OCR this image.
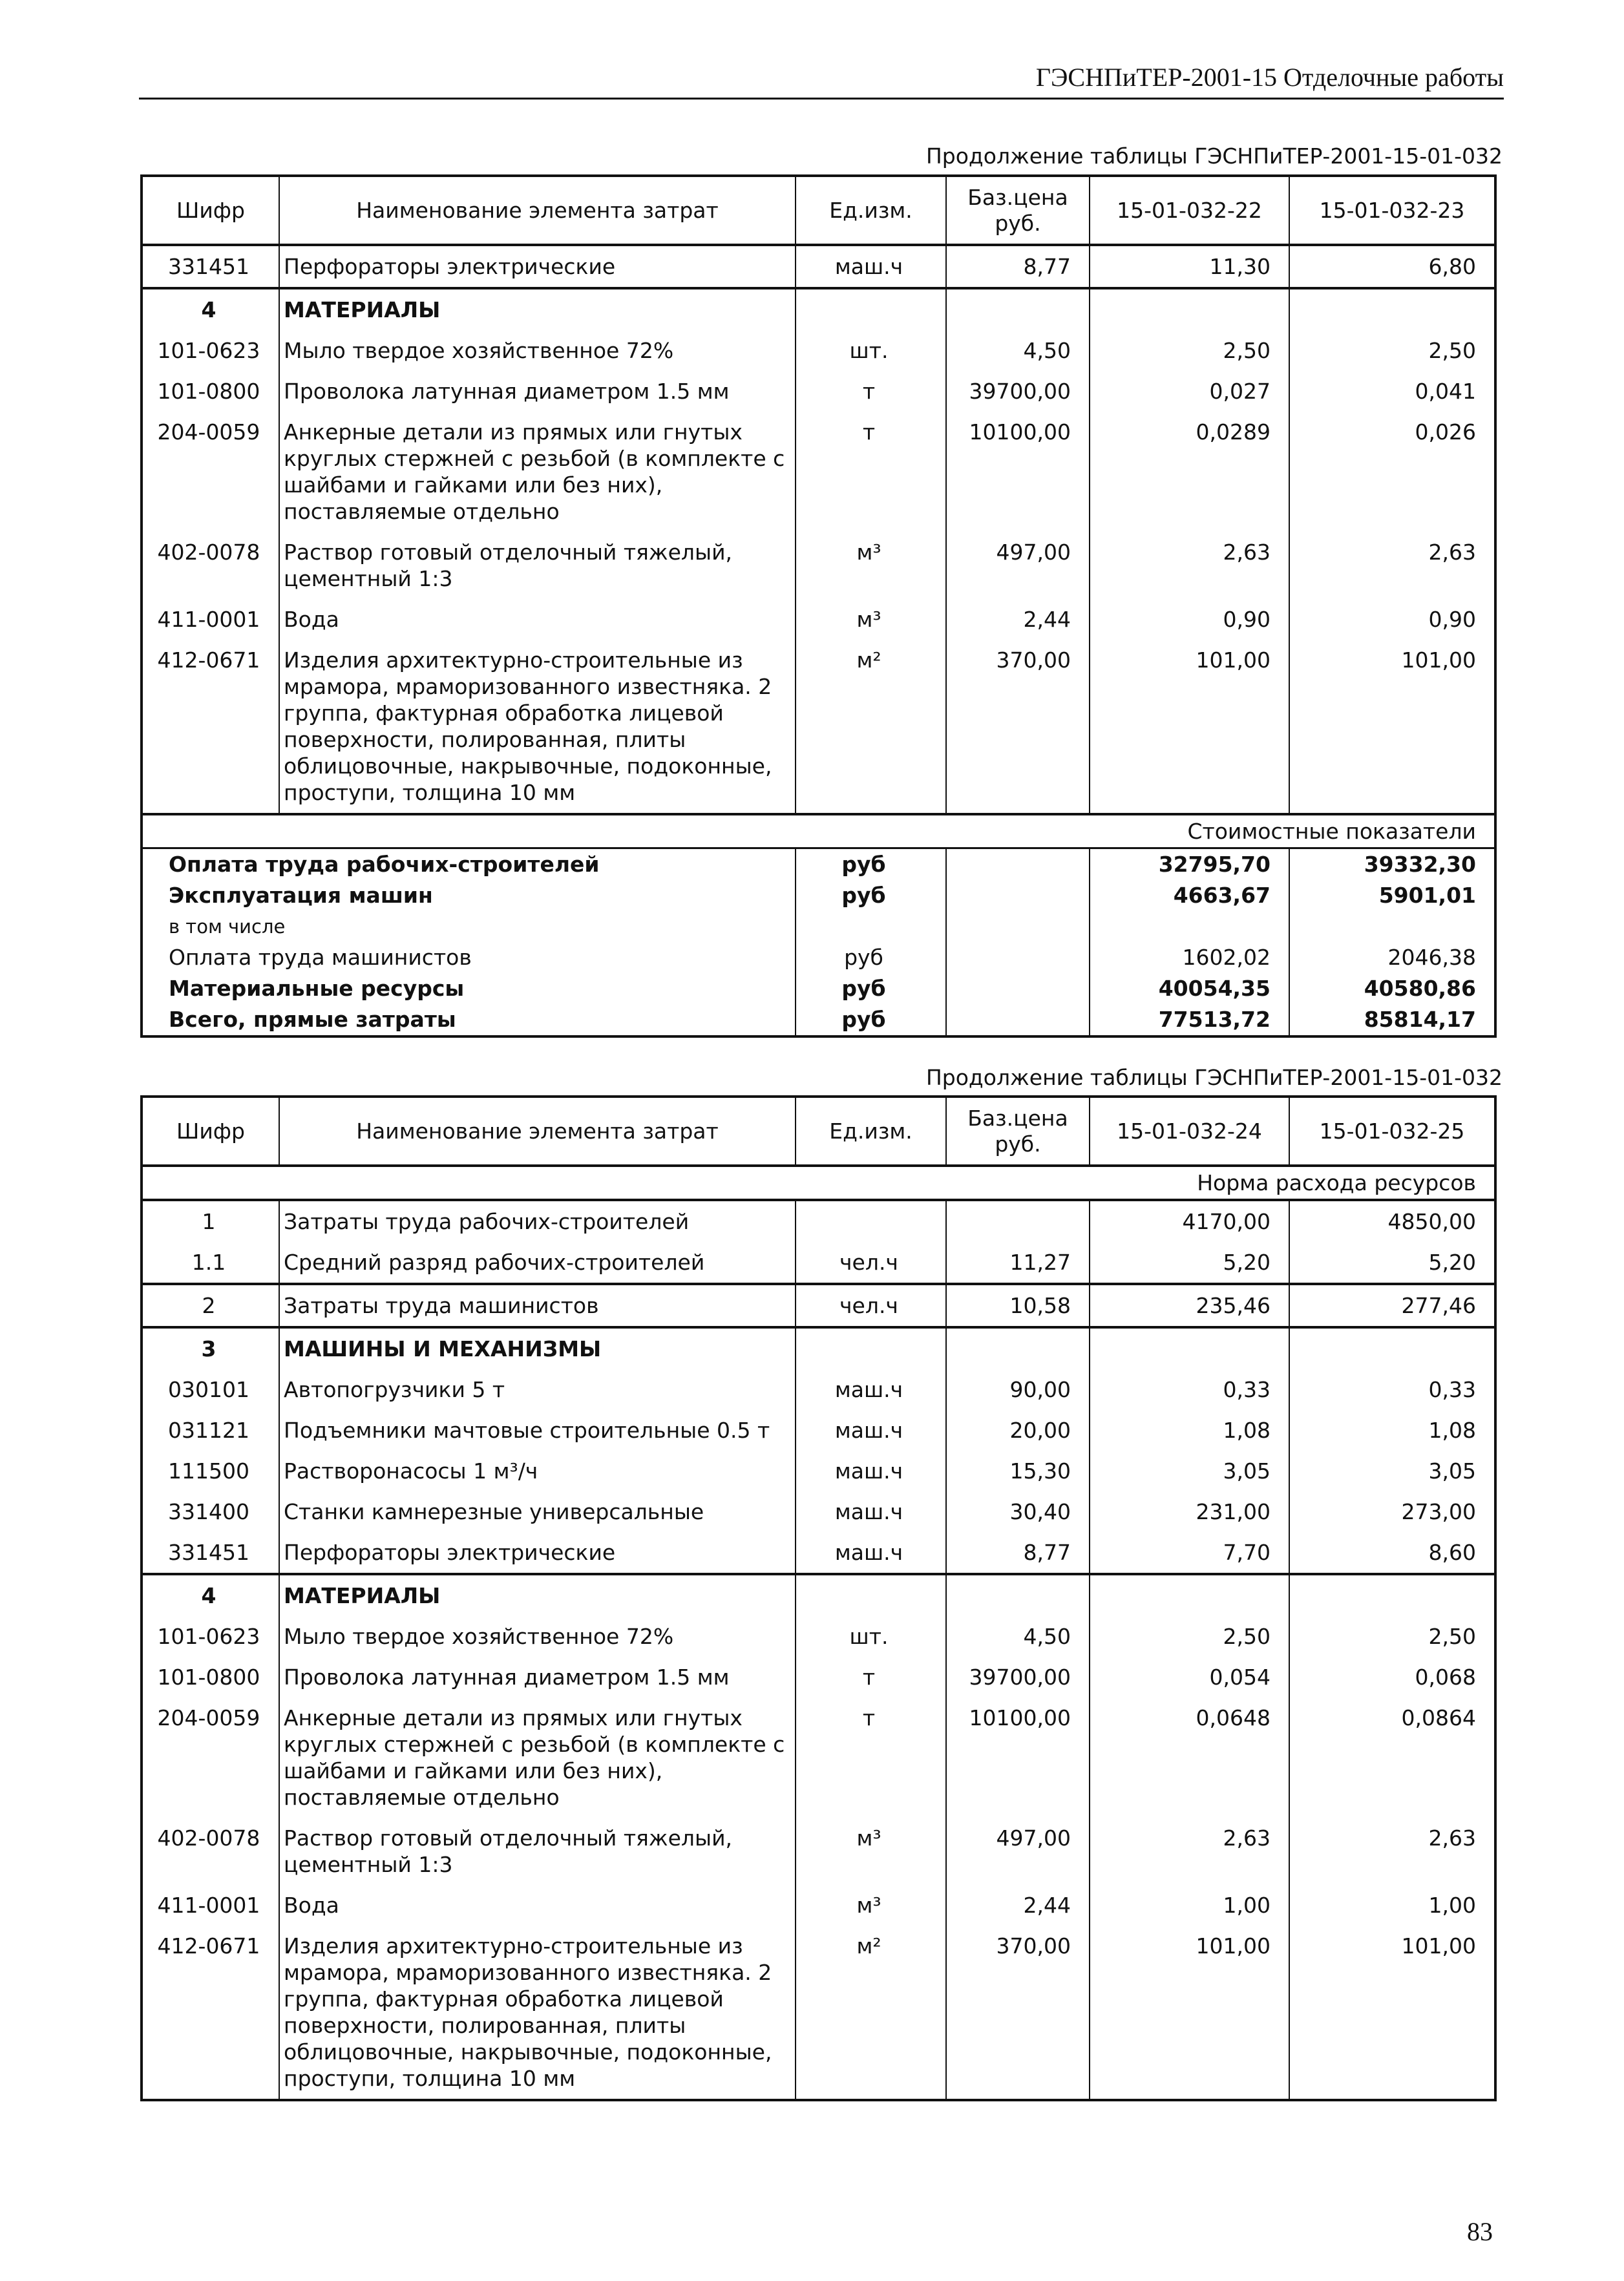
ГЭСНПиТЕР-2001-15 Отделочные работы
Продолжение таблицы ГЭСНПиТЕР-2001-15-01-032
Шифр	Наименование элемента затрат	Ед.изм.	Баз.цена руб.	15-01-032-22	15-01-032-23
331451	Перфораторы электрические	маш.ч	8,77	11,30	6,80
4	МАТЕРИАЛЫ				
101-0623	Мыло твердое хозяйственное 72%	шт.	4,50	2,50	2,50
101-0800	Проволока латунная диаметром 1.5 мм	т	39700,00	0,027	0,041
204-0059	Анкерные детали из прямых или гнутых круглых стержней с резьбой (в комплекте с шайбами и гайками или без них), поставляемые отдельно	т	10100,00	0,0289	0,026
402-0078	Раствор готовый отделочный тяжелый, цементный 1:3	м³	497,00	2,63	2,63
411-0001	Вода	м³	2,44	0,90	0,90
412-0671	Изделия архитектурно-строительные из мрамора, мраморизованного известняка. 2 группа, фактурная обработка лицевой поверхности, полированная, плиты облицовочные, накрывочные, подоконные, проступи, толщина 10 мм	м²	370,00	101,00	101,00
Стоимостные показатели					
Оплата труда рабочих-строителей		руб		32795,70	39332,30
Эксплуатация машин		руб		4663,67	5901,01
в том числе					
Оплата труда машинистов		руб		1602,02	2046,38
Материальные ресурсы		руб		40054,35	40580,86
Всего, прямые затраты		руб		77513,72	85814,17
Продолжение таблицы ГЭСНПиТЕР-2001-15-01-032
Шифр	Наименование элемента затрат	Ед.изм.	Баз.цена руб.	15-01-032-24	15-01-032-25
Норма расхода ресурсов					
1	Затраты труда рабочих-строителей			4170,00	4850,00
1.1	Средний разряд рабочих-строителей	чел.ч	11,27	5,20	5,20
2	Затраты труда машинистов	чел.ч	10,58	235,46	277,46
3	МАШИНЫ И МЕХАНИЗМЫ				
030101	Автопогрузчики 5 т	маш.ч	90,00	0,33	0,33
031121	Подъемники мачтовые строительные 0.5 т	маш.ч	20,00	1,08	1,08
111500	Растворонасосы 1 м³/ч	маш.ч	15,30	3,05	3,05
331400	Станки камнерезные универсальные	маш.ч	30,40	231,00	273,00
331451	Перфораторы электрические	маш.ч	8,77	7,70	8,60
4	МАТЕРИАЛЫ				
101-0623	Мыло твердое хозяйственное 72%	шт.	4,50	2,50	2,50
101-0800	Проволока латунная диаметром 1.5 мм	т	39700,00	0,054	0,068
204-0059	Анкерные детали из прямых или гнутых круглых стержней с резьбой (в комплекте с шайбами и гайками или без них), поставляемые отдельно	т	10100,00	0,0648	0,0864
402-0078	Раствор готовый отделочный тяжелый, цементный 1:3	м³	497,00	2,63	2,63
411-0001	Вода	м³	2,44	1,00	1,00
412-0671	Изделия архитектурно-строительные из мрамора, мраморизованного известняка. 2 группа, фактурная обработка лицевой поверхности, полированная, плиты облицовочные, накрывочные, подоконные, проступи, толщина 10 мм	м²	370,00	101,00	101,00
83
